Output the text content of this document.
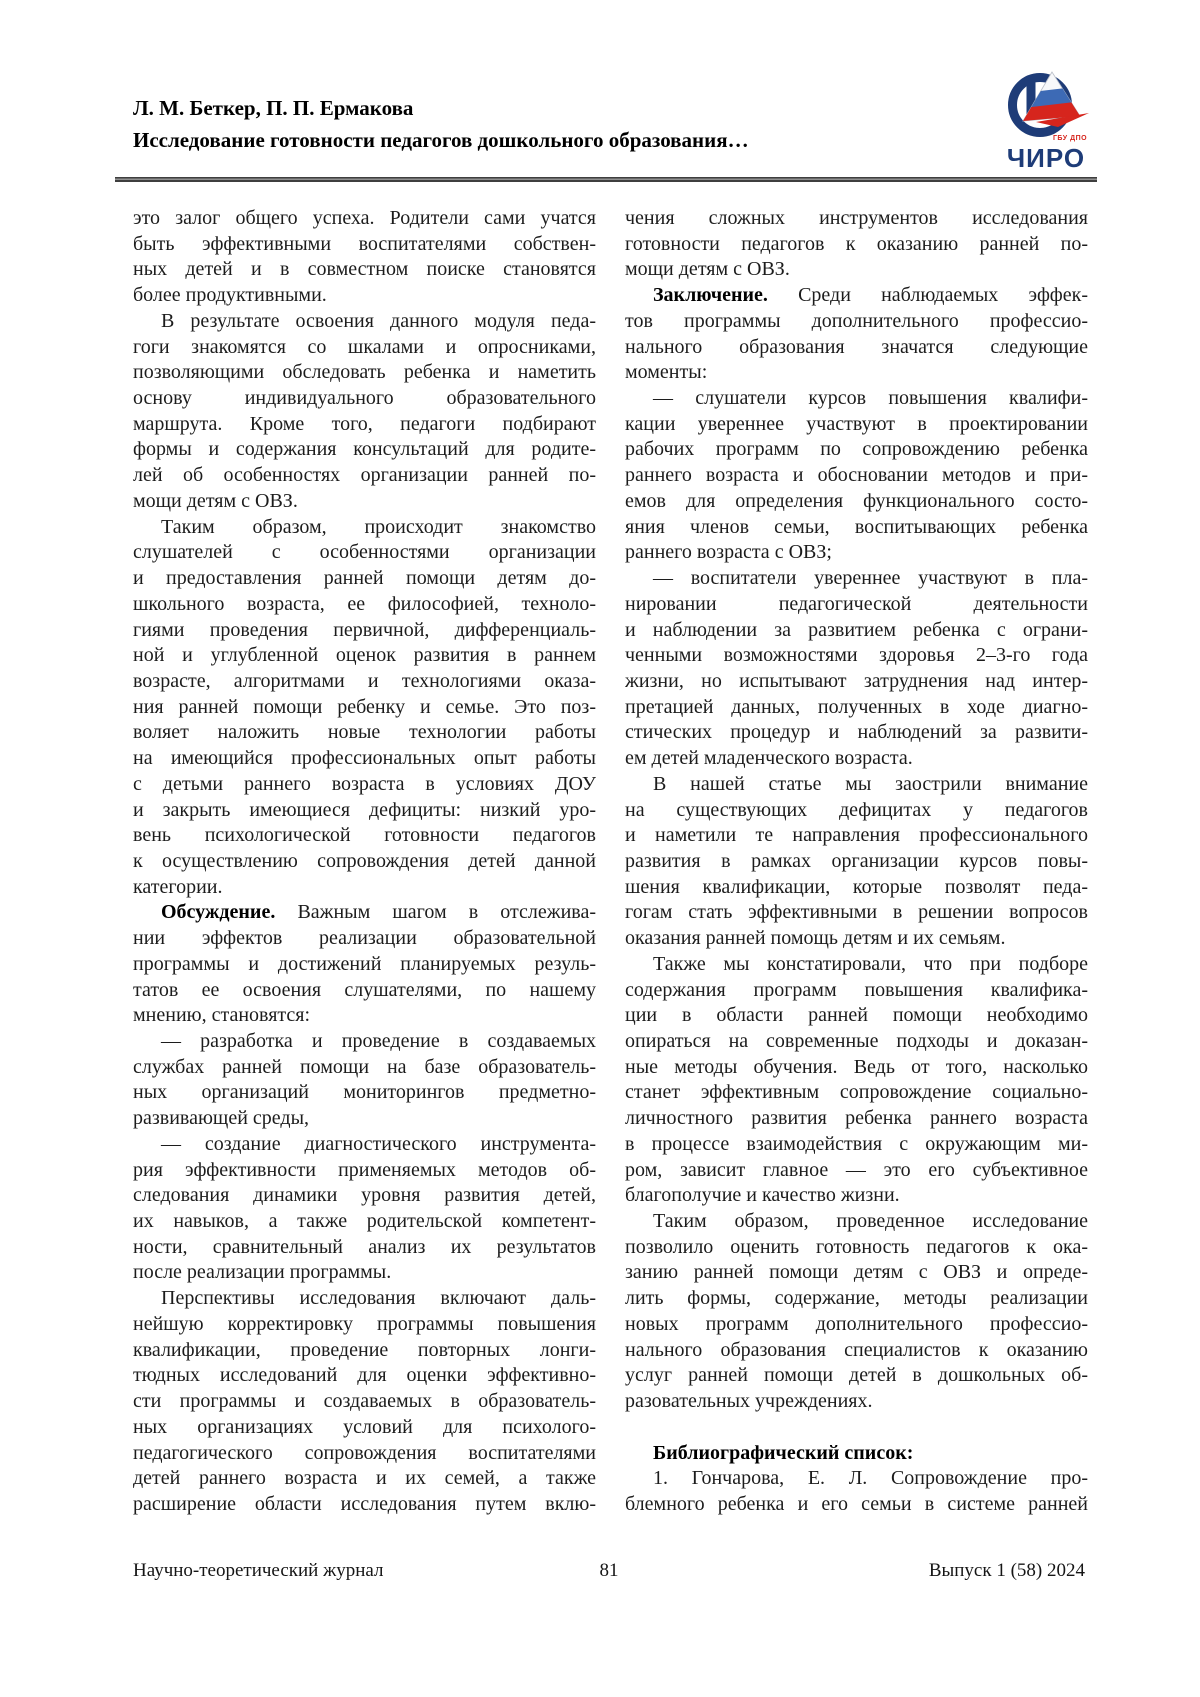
Л. М. Беткер, П. П. Ермакова
Исследование готовности педагогов дошкольного образования…	ГБУ ДПО
ЧИРО
это залог общего успеха. Родители сами учатся
быть эффективными воспитателями собствен-
ных детей и в совместном поиске становятся
более продуктивными.
В результате освоения данного модуля педа-
гоги знакомятся со шкалами и опросниками,
позволяющими обследовать ребенка и наметить
основу индивидуального образовательного
маршрута. Кроме того, педагоги подбирают
формы и содержания консультаций для родите-
лей об особенностях организации ранней по-
мощи детям с ОВЗ.
Таким образом, происходит знакомство
слушателей с особенностями организации
и предоставления ранней помощи детям до-
школьного возраста, ее философией, техноло-
гиями проведения первичной, дифференциаль-
ной и углубленной оценок развития в раннем
возрасте, алгоритмами и технологиями оказа-
ния ранней помощи ребенку и семье. Это поз-
воляет наложить новые технологии работы
на имеющийся профессиональных опыт работы
с детьми раннего возраста в условиях ДОУ
и закрыть имеющиеся дефициты: низкий уро-
вень психологической готовности педагогов
к осуществлению сопровождения детей данной
категории.
Обсуждение. Важным шагом в отслежива-
нии эффектов реализации образовательной
программы и достижений планируемых резуль-
татов ее освоения слушателями, по нашему
мнению, становятся:
— разработка и проведение в создаваемых
службах ранней помощи на базе образователь-
ных организаций мониторингов предметно-
развивающей среды,
— создание диагностического инструмента-
рия эффективности применяемых методов об-
следования динамики уровня развития детей,
их навыков, а также родительской компетент-
ности, сравнительный анализ их результатов
после реализации программы.
Перспективы исследования включают даль-
нейшую корректировку программы повышения
квалификации, проведение повторных лонги-
тюдных исследований для оценки эффективно-
сти программы и создаваемых в образователь-
ных организациях условий для психолого-
педагогического сопровождения воспитателями
детей раннего возраста и их семей, а также
расширение области исследования путем вклю-
чения сложных инструментов исследования
готовности педагогов к оказанию ранней по-
мощи детям с ОВЗ.
Заключение. Среди наблюдаемых эффек-
тов программы дополнительного профессио-
нального образования значатся следующие
моменты:
— слушатели курсов повышения квалифи-
кации увереннее участвуют в проектировании
рабочих программ по сопровождению ребенка
раннего возраста и обосновании методов и при-
емов для определения функционального состо-
яния членов семьи, воспитывающих ребенка
раннего возраста с ОВЗ;
— воспитатели увереннее участвуют в пла-
нировании педагогической деятельности
и наблюдении за развитием ребенка с ограни-
ченными возможностями здоровья 2–3-го года
жизни, но испытывают затруднения над интер-
претацией данных, полученных в ходе диагно-
стических процедур и наблюдений за развити-
ем детей младенческого возраста.
В нашей статье мы заострили внимание
на существующих дефицитах у педагогов
и наметили те направления профессионального
развития в рамках организации курсов повы-
шения квалификации, которые позволят педа-
гогам стать эффективными в решении вопросов
оказания ранней помощь детям и их семьям.
Также мы констатировали, что при подборе
содержания программ повышения квалифика-
ции в области ранней помощи необходимо
опираться на современные подходы и доказан-
ные методы обучения. Ведь от того, насколько
станет эффективным сопровождение социально-
личностного развития ребенка раннего возраста
в процессе взаимодействия с окружающим ми-
ром, зависит главное — это его субъективное
благополучие и качество жизни.
Таким образом, проведенное исследование
позволило оценить готовность педагогов к ока-
занию ранней помощи детям с ОВЗ и опреде-
лить формы, содержание, методы реализации
новых программ дополнительного профессио-
нального образования специалистов к оказанию
услуг ранней помощи детей в дошкольных об-
разовательных учреждениях.

Библиографический список:
1. Гончарова, Е. Л. Сопровождение про-
блемного ребенка и его семьи в системе ранней
Научно-теоретический журнал	81	Выпуск 1 (58) 2024
